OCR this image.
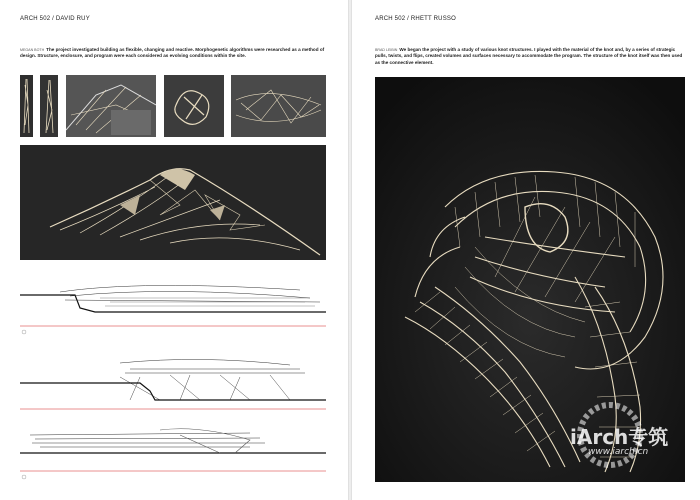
ARCH 502 / DAVID RUY
MEGAN BOTH The project investigated building as flexible, changing and reactive. Morphogenetic algorithms were researched as a method of design. Structure, enclosure, and program were each considered as evolving conditions within the site.
ARCH 502 / RHETT RUSSO
BRAD LEIBIN We began the project with a study of various knot structures. I played with the material of the knot and, by a series of strategic pulls, twists, and flips, created volumes and surfaces necessary to accommodate the program. The structure of the knot itself was then used as the connective element.
iArch专筑
www.iarch.cn
